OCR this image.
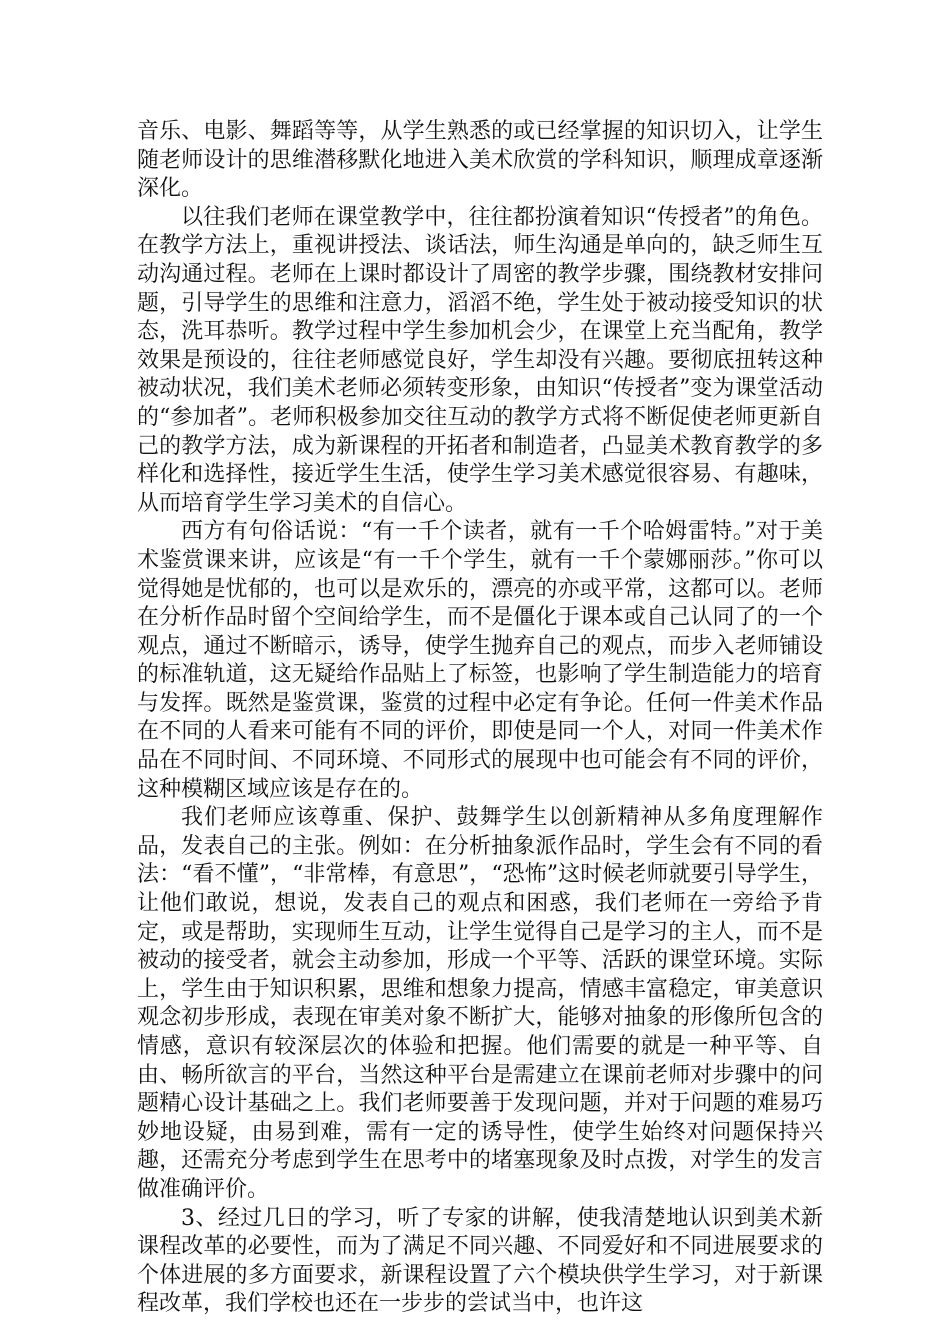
音乐、电影、舞蹈等等，从学生熟悉的或已经掌握的知识切入，让学生随老师设计的思维潜移默化地进入美术欣赏的学科知识，顺理成章逐渐深化。

以往我们老师在课堂教学中，往往都扮演着知识“传授者”的角色。在教学方法上，重视讲授法、谈话法，师生沟通是单向的，缺乏师生互动沟通过程。老师在上课时都设计了周密的教学步骤，围绕教材安排问题，引导学生的思维和注意力，滔滔不绝，学生处于被动接受知识的状态，洗耳恭听。教学过程中学生参加机会少，在课堂上充当配角，教学效果是预设的，往往老师感觉良好，学生却没有兴趣。要彻底扭转这种被动状况，我们美术老师必须转变形象，由知识“传授者”变为课堂活动的“参加者”。老师积极参加交往互动的教学方式将不断促使老师更新自己的教学方法，成为新课程的开拓者和制造者，凸显美术教育教学的多样化和选择性，接近学生生活，使学生学习美术感觉很容易、有趣味，从而培育学生学习美术的自信心。

西方有句俗话说：“有一千个读者，就有一千个哈姆雷特。”对于美术鉴赏课来讲，应该是“有一千个学生，就有一千个蒙娜丽莎。”你可以觉得她是忧郁的，也可以是欢乐的，漂亮的亦或平常，这都可以。老师在分析作品时留个空间给学生，而不是僵化于课本或自己认同了的一个观点，通过不断暗示，诱导，使学生抛弃自己的观点，而步入老师铺设的标准轨道，这无疑给作品贴上了标签，也影响了学生制造能力的培育与发挥。既然是鉴赏课，鉴赏的过程中必定有争论。任何一件美术作品在不同的人看来可能有不同的评价，即使是同一个人，对同一件美术作品在不同时间、不同环境、不同形式的展现中也可能会有不同的评价，这种模糊区域应该是存在的。

我们老师应该尊重、保护、鼓舞学生以创新精神从多角度理解作品，发表自己的主张。例如：在分析抽象派作品时，学生会有不同的看法：“看不懂”，“非常棒，有意思”，“恐怖”这时候老师就要引导学生，让他们敢说，想说，发表自己的观点和困惑，我们老师在一旁给予肯定，或是帮助，实现师生互动，让学生觉得自己是学习的主人，而不是被动的接受者，就会主动参加，形成一个平等、活跃的课堂环境。实际上，学生由于知识积累，思维和想象力提高，情感丰富稳定，审美意识观念初步形成，表现在审美对象不断扩大，能够对抽象的形像所包含的情感，意识有较深层次的体验和把握。他们需要的就是一种平等、自由、畅所欲言的平台，当然这种平台是需建立在课前老师对步骤中的问题精心设计基础之上。我们老师要善于发现问题，并对于问题的难易巧妙地设疑，由易到难，需有一定的诱导性，使学生始终对问题保持兴趣，还需充分考虑到学生在思考中的堵塞现象及时点拨，对学生的发言做准确评价。

3、经过几日的学习，听了专家的讲解，使我清楚地认识到美术新课程改革的必要性，而为了满足不同兴趣、不同爱好和不同进展要求的个体进展的多方面要求，新课程设置了六个模块供学生学习，对于新课程改革，我们学校也还在一步步的尝试当中，也许这
